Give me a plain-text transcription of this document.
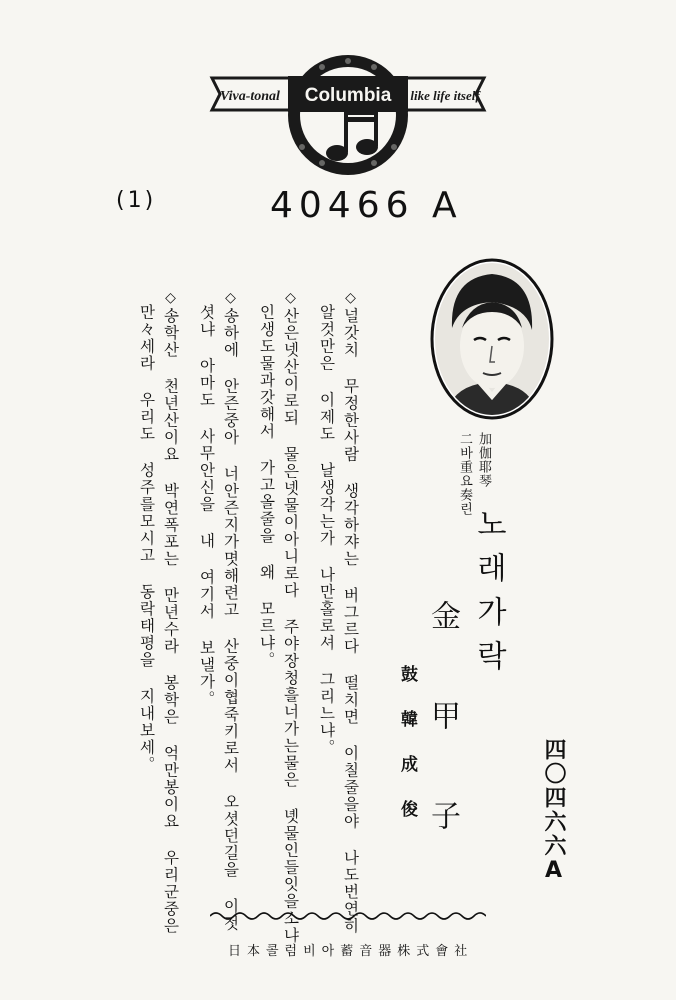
Viva-tonal Columbia like life itself
(1)	40466 A
加伽耶琴
二바重요奏린
노래가락
金甲子
鼓韓成俊	四〇四六六A
◇널갓치 무정한사람 생각하쟈는 버그르다 떨치면 이칠줄을야 나도번연히
알것만은 이제도 날생각는가 나만홀로셔 그리느냐。
◇산은넷산이로되 물은넷물이아니로다 주야장청흘너가는물은 녯물인들잇을소냐
인생도물과갓해서 가고올줄을 왜 모르냐。
◇송하에 안즌중아 너안즌지가몃해련고 산중이협죽키로서 오셧던길을 이젓
셧냐 아마도 사무안신을 내 여기서 보낼가。
◇송학산 천년산이요 박연폭포는 만년수라 봉학은 억만봉이요 우리군중은
만々세라 우리도 성주를모시고 동락태평을 지내보세。
日本콜럼비아蓄音器株式會社
